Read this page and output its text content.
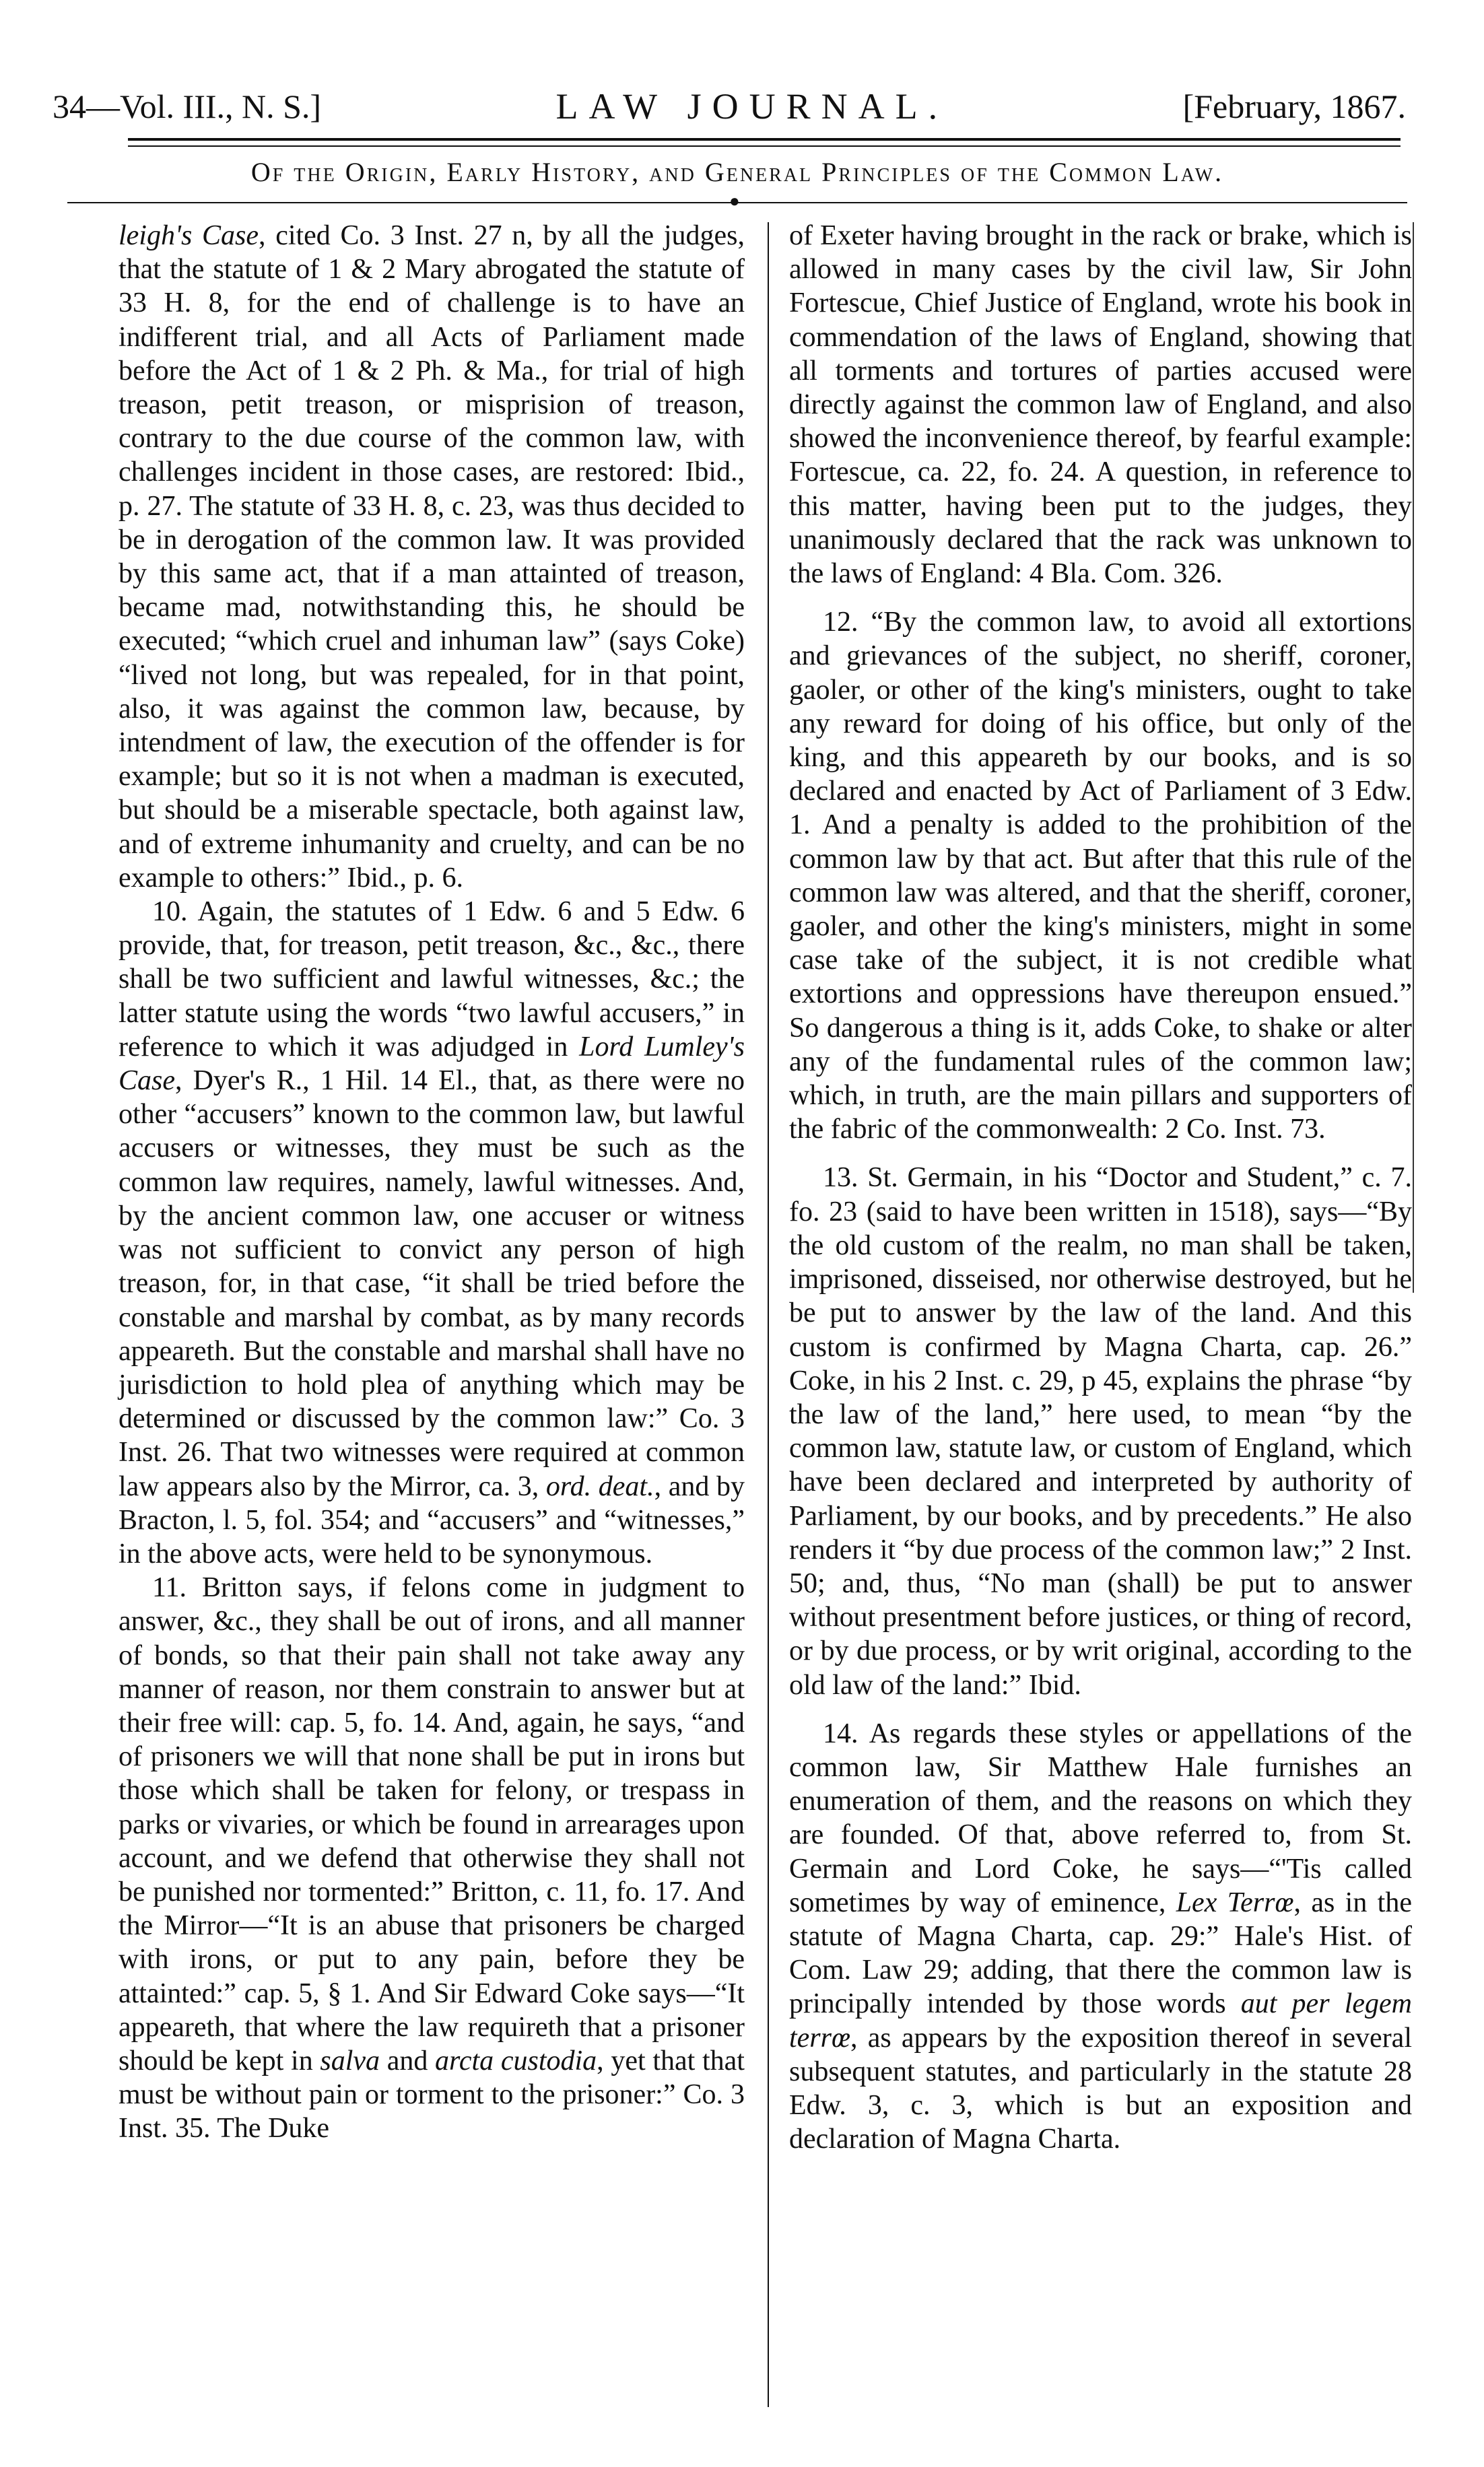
34—Vol. III., N. S.]	LAW JOURNAL.	[February, 1867.
Of the Origin, Early History, and General Principles of the Common Law.
●

leigh's Case, cited Co. 3 Inst. 27 n, by all the judges, that the statute of 1 & 2 Mary abrogated the statute of 33 H. 8, for the end of challenge is to have an indifferent trial, and all Acts of Parliament made before the Act of 1 & 2 Ph. & Ma., for trial of high treason, petit treason, or misprision of treason, contrary to the due course of the common law, with challenges incident in those cases, are restored: Ibid., p. 27. The statute of 33 H. 8, c. 23, was thus decided to be in derogation of the common law. It was provided by this same act, that if a man attainted of treason, became mad, notwithstanding this, he should be executed; “which cruel and inhuman law” (says Coke) “lived not long, but was repealed, for in that point, also, it was against the common law, because, by intendment of law, the execution of the offender is for example; but so it is not when a madman is executed, but should be a miserable spectacle, both against law, and of extreme inhumanity and cruelty, and can be no example to others:” Ibid., p. 6.

10. Again, the statutes of 1 Edw. 6 and 5 Edw. 6 provide, that, for treason, petit treason, &c., &c., there shall be two sufficient and lawful witnesses, &c.; the latter statute using the words “two lawful accusers,” in reference to which it was adjudged in Lord Lumley's Case, Dyer's R., 1 Hil. 14 El., that, as there were no other “accusers” known to the common law, but lawful accusers or witnesses, they must be such as the common law requires, namely, lawful witnesses. And, by the ancient common law, one accuser or witness was not sufficient to convict any person of high treason, for, in that case, “it shall be tried before the constable and marshal by combat, as by many records appeareth. But the constable and marshal shall have no jurisdiction to hold plea of anything which may be determined or discussed by the common law:” Co. 3 Inst. 26. That two witnesses were required at common law appears also by the Mirror, ca. 3, ord. deat., and by Bracton, l. 5, fol. 354; and “accusers” and “witnesses,” in the above acts, were held to be synonymous.

11. Britton says, if felons come in judgment to answer, &c., they shall be out of irons, and all manner of bonds, so that their pain shall not take away any manner of reason, nor them constrain to answer but at their free will: cap. 5, fo. 14. And, again, he says, “and of prisoners we will that none shall be put in irons but those which shall be taken for felony, or trespass in parks or vivaries, or which be found in arrearages upon account, and we defend that otherwise they shall not be punished nor tormented:” Britton, c. 11, fo. 17. And the Mirror—“It is an abuse that prisoners be charged with irons, or put to any pain, before they be attainted:” cap. 5, § 1. And Sir Edward Coke says—“It appeareth, that where the law requireth that a prisoner should be kept in salva and arcta custodia, yet that that must be without pain or torment to the prisoner:” Co. 3 Inst. 35. The Duke

of Exeter having brought in the rack or brake, which is allowed in many cases by the civil law, Sir John Fortescue, Chief Justice of England, wrote his book in commendation of the laws of England, showing that all torments and tortures of parties accused were directly against the common law of England, and also showed the inconvenience thereof, by fearful example: Fortescue, ca. 22, fo. 24. A question, in reference to this matter, having been put to the judges, they unanimously declared that the rack was unknown to the laws of England: 4 Bla. Com. 326.

12. “By the common law, to avoid all extortions and grievances of the subject, no sheriff, coroner, gaoler, or other of the king's ministers, ought to take any reward for doing of his office, but only of the king, and this appeareth by our books, and is so declared and enacted by Act of Parliament of 3 Edw. 1. And a penalty is added to the prohibition of the common law by that act. But after that this rule of the common law was altered, and that the sheriff, coroner, gaoler, and other the king's ministers, might in some case take of the subject, it is not credible what extortions and oppressions have thereupon ensued.” So dangerous a thing is it, adds Coke, to shake or alter any of the fundamental rules of the common law; which, in truth, are the main pillars and supporters of the fabric of the commonwealth: 2 Co. Inst. 73.

13. St. Germain, in his “Doctor and Student,” c. 7. fo. 23 (said to have been written in 1518), says—“By the old custom of the realm, no man shall be taken, imprisoned, disseised, nor otherwise destroyed, but he be put to answer by the law of the land. And this custom is confirmed by Magna Charta, cap. 26.” Coke, in his 2 Inst. c. 29, p 45, explains the phrase “by the law of the land,” here used, to mean “by the common law, statute law, or custom of England, which have been declared and interpreted by authority of Parliament, by our books, and by precedents.” He also renders it “by due process of the common law;” 2 Inst. 50; and, thus, “No man (shall) be put to answer without presentment before justices, or thing of record, or by due process, or by writ original, according to the old law of the land:” Ibid.

14. As regards these styles or appellations of the common law, Sir Matthew Hale furnishes an enumeration of them, and the reasons on which they are founded. Of that, above referred to, from St. Germain and Lord Coke, he says—“'Tis called sometimes by way of eminence, Lex Terrœ, as in the statute of Magna Charta, cap. 29:” Hale's Hist. of Com. Law 29; adding, that there the common law is principally intended by those words aut per legem terrœ, as appears by the exposition thereof in several subsequent statutes, and particularly in the statute 28 Edw. 3, c. 3, which is but an exposition and declaration of Magna Charta.
